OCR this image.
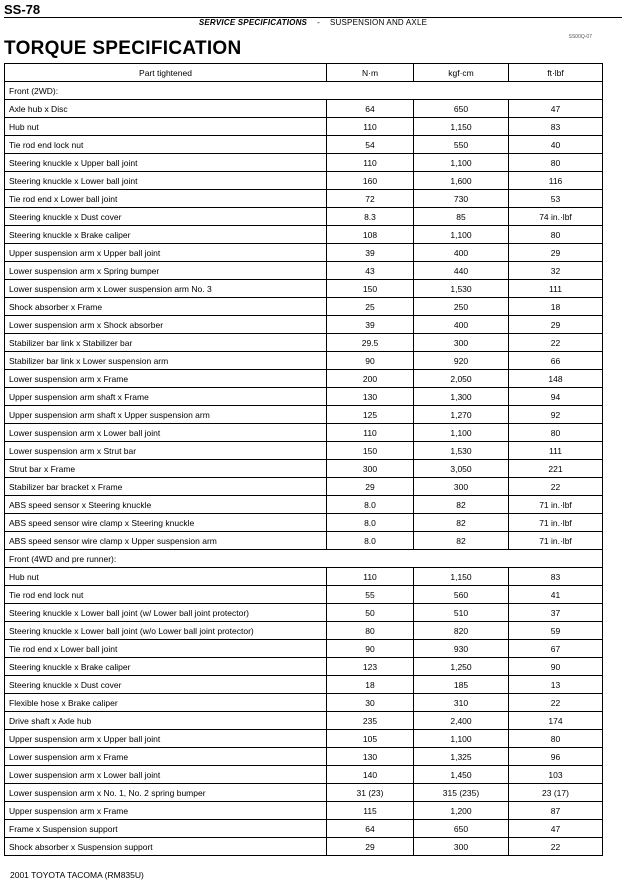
SS-78
SERVICE SPECIFICATIONS - SUSPENSION AND AXLE
SS00Q-07
TORQUE SPECIFICATION
Part tightened	N·m	kgf·cm	ft·lbf
Front (2WD):			
Axle hub x Disc	64	650	47
Hub nut	110	1,150	83
Tie rod end lock nut	54	550	40
Steering knuckle x Upper ball joint	110	1,100	80
Steering knuckle x Lower ball joint	160	1,600	116
Tie rod end x Lower ball joint	72	730	53
Steering knuckle x Dust cover	8.3	85	74 in.·lbf
Steering knuckle x Brake caliper	108	1,100	80
Upper suspension arm x Upper ball joint	39	400	29
Lower suspension arm x Spring bumper	43	440	32
Lower suspension arm x Lower suspension arm No. 3	150	1,530	111
Shock absorber x Frame	25	250	18
Lower suspension arm x Shock absorber	39	400	29
Stabilizer bar link x Stabilizer bar	29.5	300	22
Stabilizer bar link x Lower suspension arm	90	920	66
Lower suspension arm x Frame	200	2,050	148
Upper suspension arm shaft x Frame	130	1,300	94
Upper suspension arm shaft x Upper suspension arm	125	1,270	92
Lower suspension arm x Lower ball joint	110	1,100	80
Lower suspension arm x Strut bar	150	1,530	111
Strut bar x Frame	300	3,050	221
Stabilizer bar bracket x Frame	29	300	22
ABS speed sensor x Steering knuckle	8.0	82	71 in.·lbf
ABS speed sensor wire clamp x Steering knuckle	8.0	82	71 in.·lbf
ABS speed sensor wire clamp x Upper suspension arm	8.0	82	71 in.·lbf
Front (4WD and pre runner):			
Hub nut	110	1,150	83
Tie rod end lock nut	55	560	41
Steering knuckle x Lower ball joint (w/ Lower ball joint protector)	50	510	37
Steering knuckle x Lower ball joint (w/o Lower ball joint protector)	80	820	59
Tie rod end x Lower ball joint	90	930	67
Steering knuckle x Brake caliper	123	1,250	90
Steering knuckle x Dust cover	18	185	13
Flexible hose x Brake caliper	30	310	22
Drive shaft x Axle hub	235	2,400	174
Upper suspension arm x Upper ball joint	105	1,100	80
Lower suspension arm x Frame	130	1,325	96
Lower suspension arm x Lower ball joint	140	1,450	103
Lower suspension arm x No. 1, No. 2 spring bumper	31 (23)	315 (235)	23 (17)
Upper suspension arm x Frame	115	1,200	87
Frame x Suspension support	64	650	47
Shock absorber x Suspension support	29	300	22
2001 TOYOTA TACOMA (RM835U)
